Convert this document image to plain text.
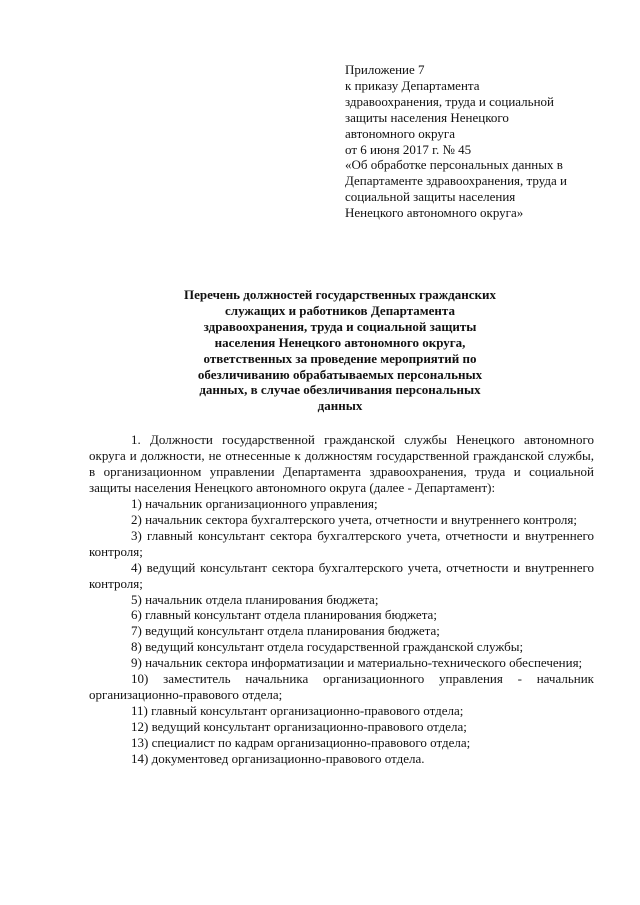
Приложение 7
к приказу Департамента
здравоохранения, труда и социальной
защиты населения Ненецкого
автономного округа
от 6 июня 2017 г. № 45
«Об обработке персональных данных в
Департаменте здравоохранения, труда и
социальной защиты населения
Ненецкого автономного округа»
Перечень должностей государственных гражданских
служащих и работников Департамента
здравоохранения, труда и социальной защиты
населения Ненецкого автономного округа,
ответственных за проведение мероприятий по
обезличиванию обрабатываемых персональных
данных, в случае обезличивания персональных
данных

1. Должности государственной гражданской службы Ненецкого автономного округа и должности, не отнесенные к должностям государственной гражданской службы, в организационном управлении Департамента здравоохранения, труда и социальной защиты населения Ненецкого автономного округа (далее - Департамент):

1) начальник организационного управления;
2) начальник сектора бухгалтерского учета, отчетности и внутреннего контроля;
3) главный консультант сектора бухгалтерского учета, отчетности и внутреннего контроля;
4) ведущий консультант сектора бухгалтерского учета, отчетности и внутреннего контроля;
5) начальник отдела планирования бюджета;
6) главный консультант отдела планирования бюджета;
7) ведущий консультант отдела планирования бюджета;
8) ведущий консультант отдела государственной гражданской службы;
9) начальник сектора информатизации и материально-технического обеспечения;
10) заместитель начальника организационного управления - начальник организационно-правового отдела;
11) главный консультант организационно-правового отдела;
12) ведущий консультант организационно-правового отдела;
13) специалист по кадрам организационно-правового отдела;
14) документовед организационно-правового отдела.
